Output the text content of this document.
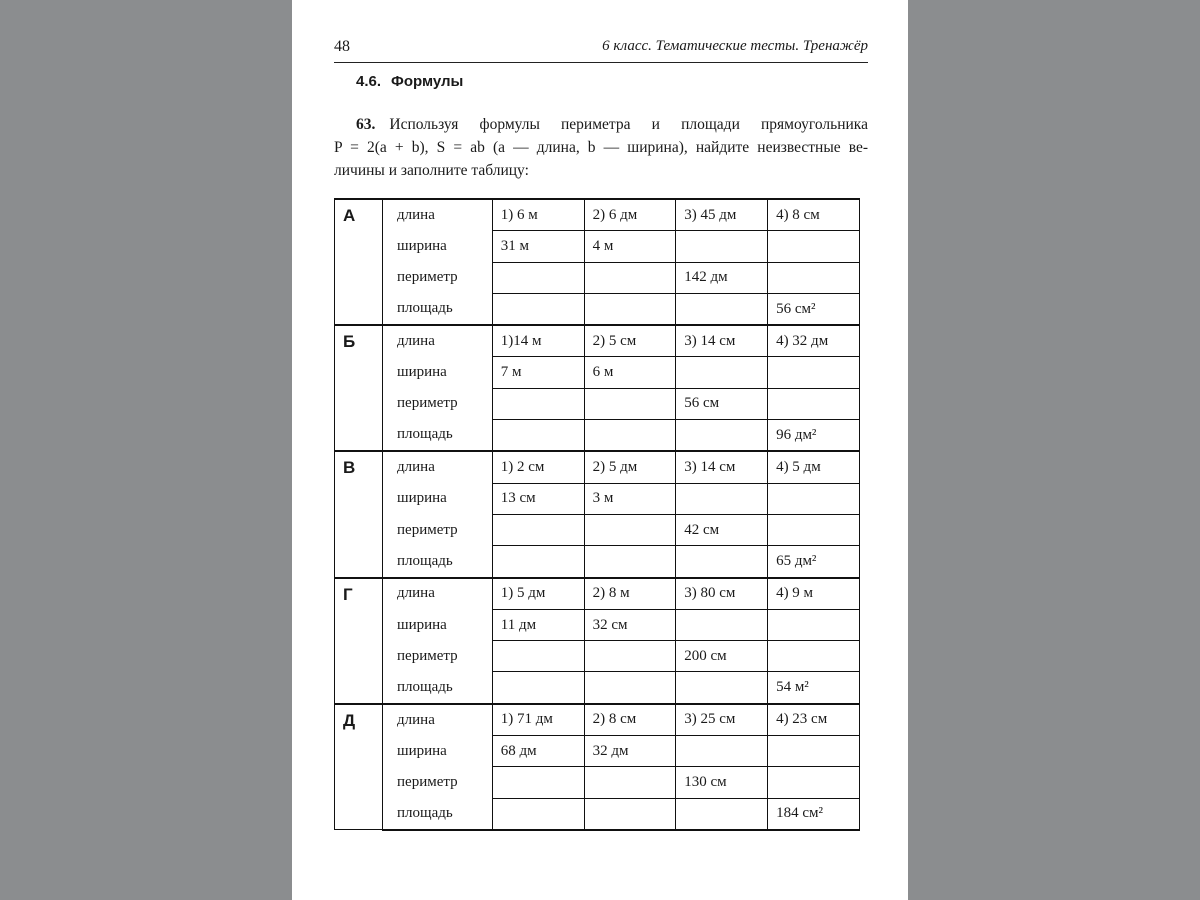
48	6 класс. Тематические тесты. Тренажёр
4.6. Формулы
63. Используя формулы периметра и площади прямоугольника
P = 2(a + b), S = ab (a — длина, b — ширина), найдите неизвестные ве-
личины и заполните таблицу:
А	длина	1) 6 м	2) 6 дм	3) 45 дм	4) 8 см
	ширина	31 м	4 м		
	периметр			142 дм	
	площадь				56 см²
Б	длина	1)14 м	2) 5 см	3) 14 см	4) 32 дм
	ширина	7 м	6 м		
	периметр			56 см	
	площадь				96 дм²
В	длина	1) 2 см	2) 5 дм	3) 14 см	4) 5 дм
	ширина	13 см	3 м		
	периметр			42 см	
	площадь				65 дм²
Г	длина	1) 5 дм	2) 8 м	3) 80 см	4) 9 м
	ширина	11 дм	32 см		
	периметр			200 см	
	площадь				54 м²
Д	длина	1) 71 дм	2) 8 см	3) 25 см	4) 23 см
	ширина	68 дм	32 дм		
	периметр			130 см	
	площадь				184 см²
